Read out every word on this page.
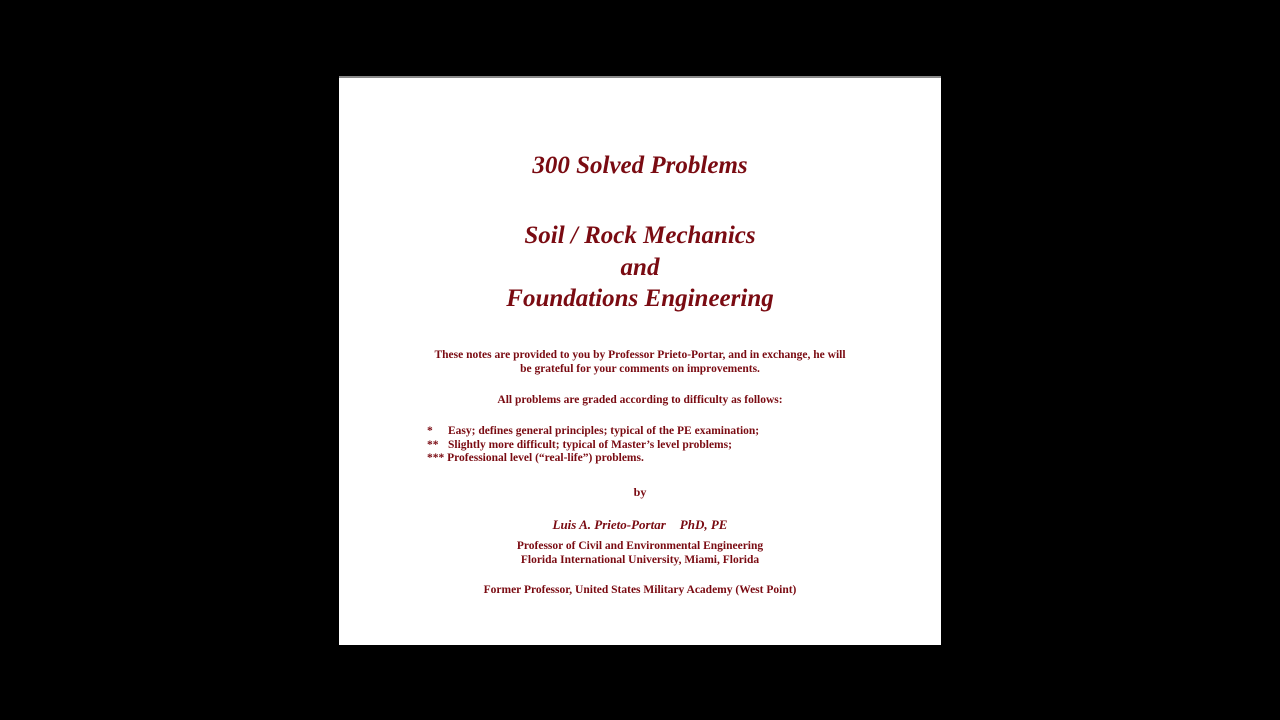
300 Solved Problems
Soil / Rock Mechanics
and
Foundations Engineering
These notes are provided to you by Professor Prieto-Portar, and in exchange, he will
be grateful for your comments on improvements.
All problems are graded according to difficulty as follows:
*	Easy; defines general principles; typical of the PE examination;
** Slightly more difficult; typical of Master’s level problems;
***
Professional level (“real-life”) problems.
by
Luis A. Prieto-Portar PhD, PE
Professor of Civil and Environmental Engineering
Florida International University, Miami, Florida
Former Professor, United States Military Academy (West Point)
